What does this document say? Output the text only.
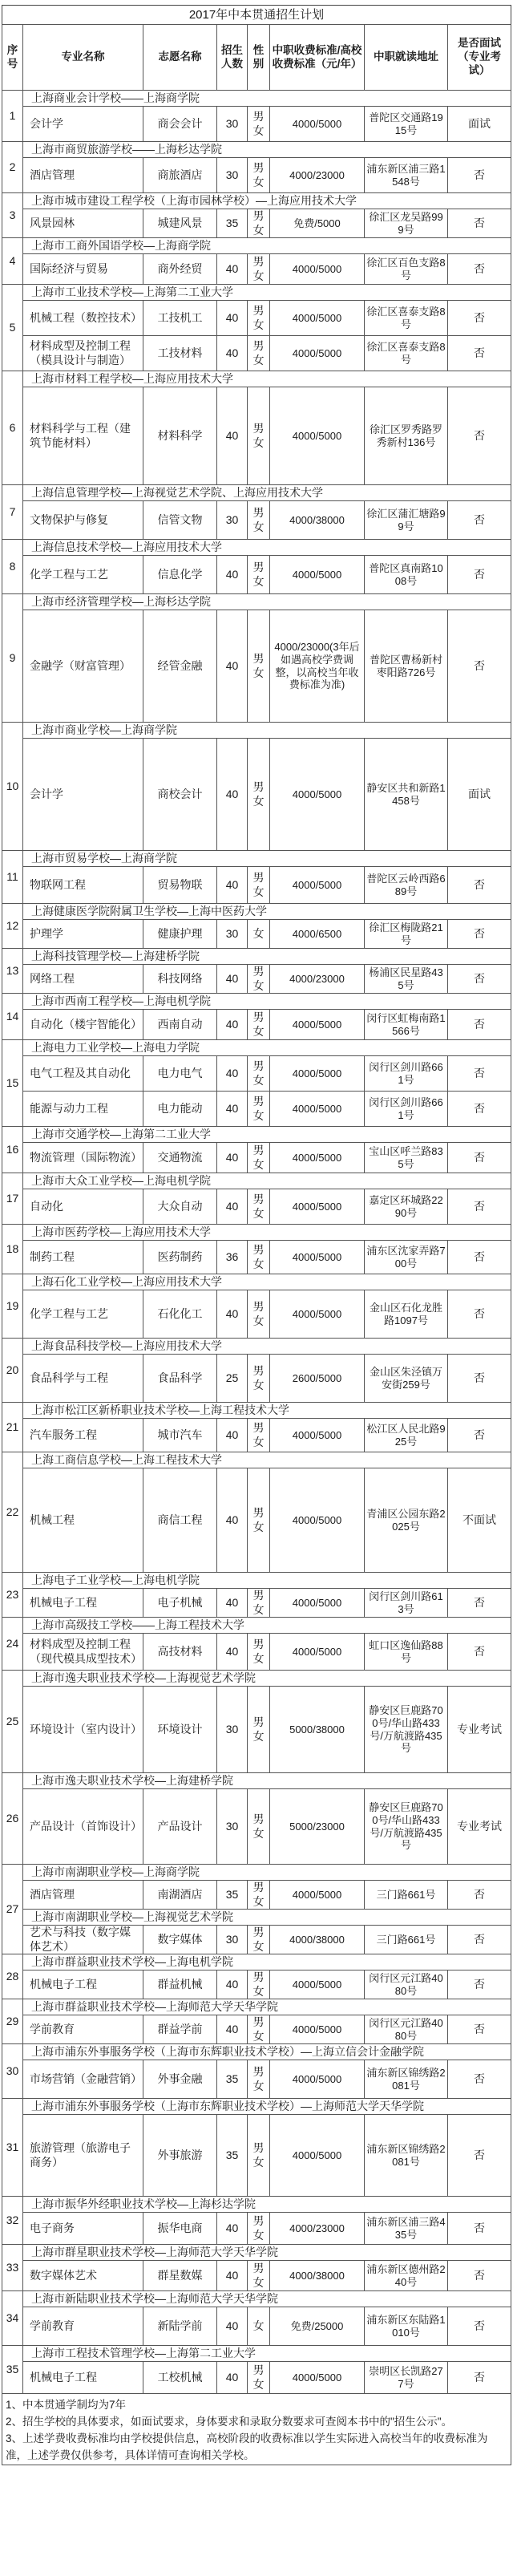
2017年中本贯通招生计划
序号	专业名称	志愿名称	招生人数	性别	中职收费标准/高校收费标准（元/年）	中职就读地址	是否面试（专业考试）
1	上海商业会计学校——上海商学院						
	会计学	商会会计	30	男女	4000/5000	普陀区交通路1915号	面试
2	上海市商贸旅游学校——上海杉达学院						
	酒店管理	商旅酒店	30	男女	4000/23000	浦东新区浦三路1548号	否
3	上海市城市建设工程学校（上海市园林学校）—上海应用技术大学						
	风景园林	城建风景	35	男女	免费/5000	徐汇区龙吴路999号	否
4	上海市工商外国语学校—上海商学院						
	国际经济与贸易	商外经贸	40	男女	4000/5000	徐汇区百色支路8号	否
5	上海市工业技术学校—上海第二工业大学						
	机械工程（数控技术）	工技机工	40	男女	4000/5000	徐汇区喜泰支路8号	否
	材料成型及控制工程（模具设计与制造）	工技材料	40	男女	4000/5000	徐汇区喜泰支路8号	否
6	上海市材料工程学校—上海应用技术大学						
	材料科学与工程（建筑节能材料）	材料科学	40	男女	4000/5000	徐汇区罗秀路罗秀新村136号	否
7	上海信息管理学校—上海视觉艺术学院、上海应用技术大学						
	文物保护与修复	信管文物	30	男女	4000/38000	徐汇区蒲汇塘路99号	否
8	上海信息技术学校—上海应用技术大学						
	化学工程与工艺	信息化学	40	男女	4000/5000	普陀区真南路1008号	否
9	上海市经济管理学校—上海杉达学院						
	金融学（财富管理）	经管金融	40	男女	4000/23000(3年后如遇高校学费调整，以高校当年收费标准为准)	普陀区曹杨新村枣阳路726号	否
10	上海市商业学校—上海商学院						
	会计学	商校会计	40	男女	4000/5000	静安区共和新路1458号	面试
11	上海市贸易学校—上海商学院						
	物联网工程	贸易物联	40	男女	4000/5000	普陀区云岭西路689号	否
12	上海健康医学院附属卫生学校—上海中医药大学						
	护理学	健康护理	30	女	4000/6500	徐汇区梅陇路21号	否
13	上海科技管理学校—上海建桥学院						
	网络工程	科技网络	40	男女	4000/23000	杨浦区民星路435号	否
14	上海市西南工程学校—上海电机学院						
	自动化（楼宇智能化）	西南自动	40	男女	4000/5000	闵行区虹梅南路1566号	否
15	上海电力工业学校—上海电力学院						
	电气工程及其自动化	电力电气	40	男女	4000/5000	闵行区剑川路661号	否
	能源与动力工程	电力能动	40	男女	4000/5000	闵行区剑川路661号	否
16	上海市交通学校—上海第二工业大学						
	物流管理（国际物流）	交通物流	40	男女	4000/5000	宝山区呼兰路835号	否
17	上海市大众工业学校—上海电机学院						
	自动化	大众自动	40	男女	4000/5000	嘉定区环城路2290号	否
18	上海市医药学校—上海应用技术大学						
	制药工程	医药制药	36	男女	4000/5000	浦东区沈家弄路700号	否
19	上海石化工业学校—上海应用技术大学						
	化学工程与工艺	石化化工	40	男女	4000/5000	金山区石化龙胜路1097号	否
20	上海食品科技学校—上海应用技术大学						
	食品科学与工程	食品科学	25	男女	2600/5000	金山区朱泾镇万安街259号	否
21	上海市松江区新桥职业技术学校—上海工程技术大学						
	汽车服务工程	城市汽车	40	男女	4000/5000	松江区人民北路925号	否
22	上海工商信息学校—上海工程技术大学						
	机械工程	商信工程	40	男女	4000/5000	青浦区公园东路2025号	不面试
23	上海电子工业学校—上海电机学院						
	机械电子工程	电子机械	40	男女	4000/5000	闵行区剑川路613号	否
24	上海市高级技工学校——上海工程技术大学						
	材料成型及控制工程（现代模具成型技术）	高技材料	40	男女	4000/5000	虹口区逸仙路88号	否
25	上海市逸夫职业技术学校—上海视觉艺术学院						
	环境设计（室内设计）	环境设计	30	男女	5000/38000	静安区巨鹿路700号/华山路433号/万航渡路435号	专业考试
26	上海市逸夫职业技术学校—上海建桥学院						
	产品设计（首饰设计）	产品设计	30	男女	5000/23000	静安区巨鹿路700号/华山路433号/万航渡路435号	专业考试
27	上海市南湖职业学校—上海商学院						
	酒店管理	南湖酒店	35	男女	4000/5000	三门路661号	否
	上海市南湖职业学校—上海视觉艺术学院						
	艺术与科技（数字媒体艺术）	数字媒体	30	男女	4000/38000	三门路661号	否
28	上海市群益职业技术学校—上海电机学院						
	机械电子工程	群益机械	40	男女	4000/5000	闵行区元江路4080号	否
29	上海市群益职业技术学校—上海师范大学天华学院						
	学前教育	群益学前	40	男女	4000/5000	闵行区元江路4080号	否
30	上海市浦东外事服务学校（上海市东辉职业技术学校）—上海立信会计金融学院						
	市场营销（金融营销）	外事金融	35	男女	4000/5000	浦东新区锦绣路2081号	否
31	上海市浦东外事服务学校（上海市东辉职业技术学校）—上海师范大学天华学院						
	旅游管理（旅游电子商务）	外事旅游	35	男女	4000/5000	浦东新区锦绣路2081号	否
32	上海市振华外经职业技术学校—上海杉达学院						
	电子商务	振华电商	40	男女	4000/23000	浦东新区浦三路435号	否
33	上海市群星职业技术学校—上海师范大学天华学院						
	数字媒体艺术	群星数媒	40	男女	4000/38000	浦东新区德州路240号	否
34	上海市新陆职业技术学校—上海师范大学天华学院						
	学前教育	新陆学前	40	女	免费/25000	浦东新区东陆路1010号	否
35	上海市工程技术管理学校—上海第二工业大学						
	机械电子工程	工校机械	40	男女	4000/5000	崇明区长凯路277号	否

1、中本贯通学制均为7年

2、招生学校的具体要求，如面试要求，身体要求和录取分数要求可查阅本书中的"招生公示"。

3、上述学费收费标准均由学校提供信息，高校阶段的收费标准以学生实际进入高校当年的收费标准为准，上述学费仅供参考，具体详情可查询相关学校。
